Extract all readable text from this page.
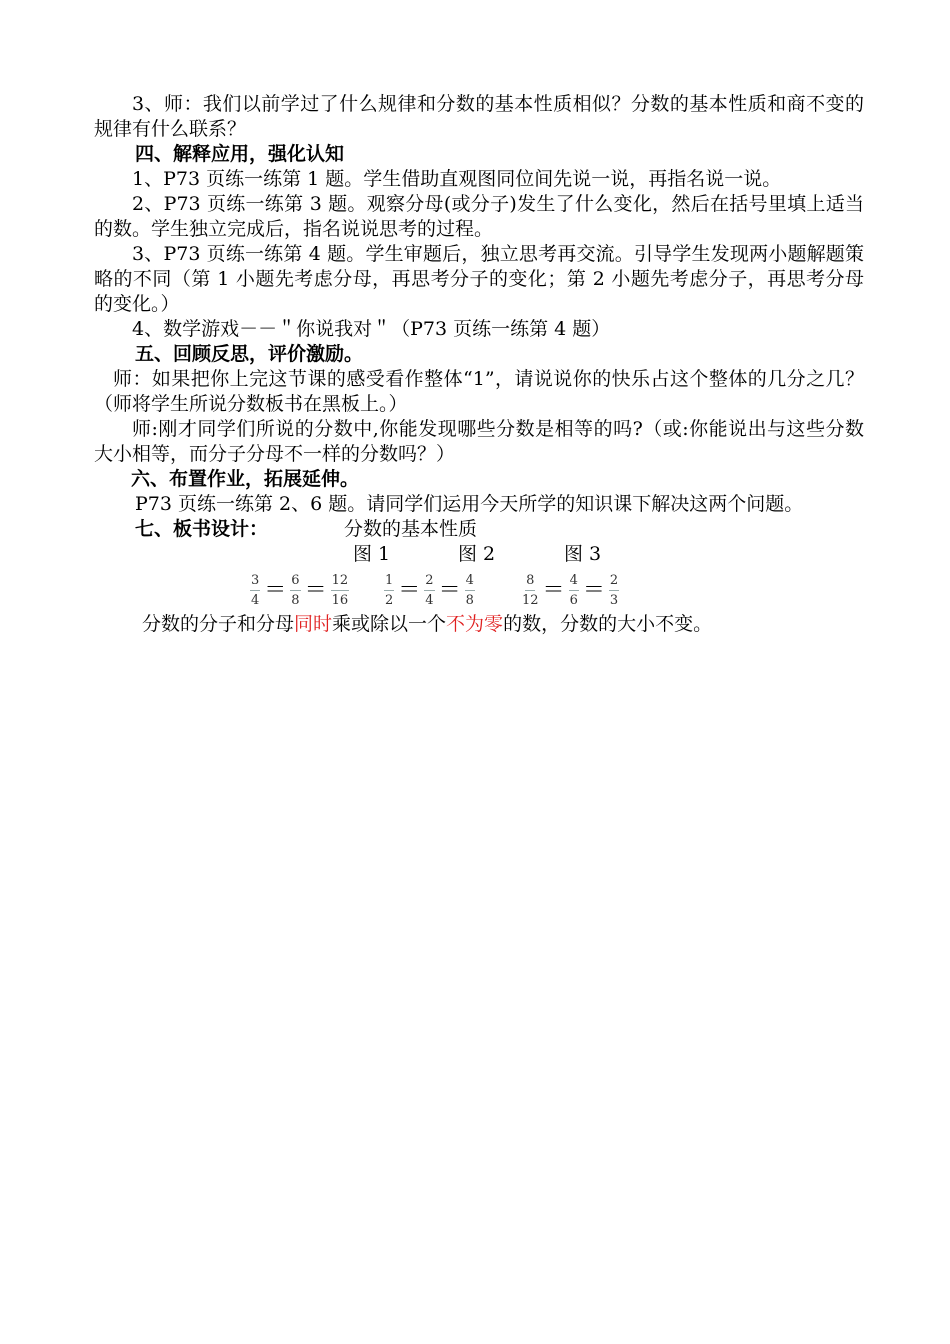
3、师：我们以前学过了什么规律和分数的基本性质相似？分数的基本性质和商不变的规律有什么联系？

四、解释应用，强化认知

1、P73 页练一练第 1 题。学生借助直观图同位间先说一说，再指名说一说。

2、P73 页练一练第 3 题。观察分母(或分子)发生了什么变化，然后在括号里填上适当的数。学生独立完成后，指名说说思考的过程。

3、P73 页练一练第 4 题。学生审题后，独立思考再交流。引导学生发现两小题解题策略的不同（第 1 小题先考虑分母，再思考分子的变化；第 2 小题先考虑分子，再思考分母的变化。）

4、数学游戏－－＂你说我对＂（P73 页练一练第 4 题）

五、回顾反思，评价激励。

师：如果把你上完这节课的感受看作整体“1”，请说说你的快乐占这个整体的几分之几？（师将学生所说分数板书在黑板上。）

师:刚才同学们所说的分数中,你能发现哪些分数是相等的吗?（或:你能说出与这些分数大小相等，而分子分母不一样的分数吗？）

六、布置作业，拓展延伸。

P73 页练一练第 2、6 题。请同学们运用今天所学的知识课下解决这两个问题。

七、板书设计：	分数的基本性质
图 1	图 2	图 3
$\frac{3}{4} = \frac{6}{8} = \frac{12}{16}$	$\frac{1}{2} = \frac{2}{4} = \frac{4}{8}$	$\frac{8}{12} = \frac{4}{6} = \frac{2}{3}$

分数的分子和分母同时乘或除以一个不为零的数，分数的大小不变。
